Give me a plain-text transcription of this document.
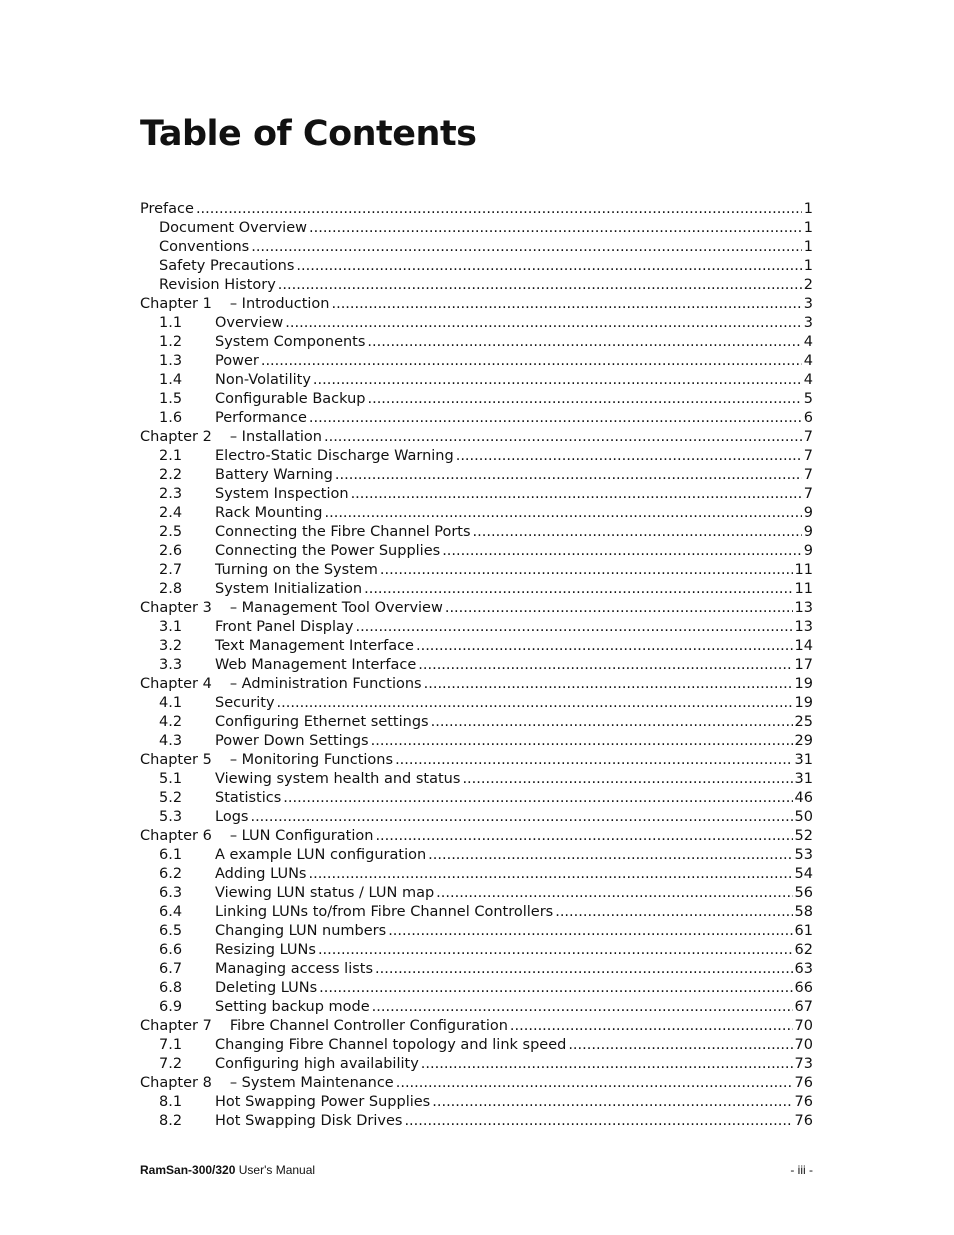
Table of Contents
Preface .....	1
Document Overview .....	1
Conventions .....	1
Safety Precautions .....	1
Revision History .....	2
Chapter 1 – Introduction .....	3
1.1	Overview .....	3
1.2	System Components .....	4
1.3	Power .....	4
1.4	Non-Volatility .....	4
1.5	Configurable Backup .....	5
1.6	Performance .....	6
Chapter 2 – Installation .....	7
2.1	Electro-Static Discharge Warning .....	7
2.2	Battery Warning .....	7
2.3	System Inspection .....	7
2.4	Rack Mounting .....	9
2.5	Connecting the Fibre Channel Ports .....	9
2.6	Connecting the Power Supplies .....	9
2.7	Turning on the System .....	11
2.8	System Initialization .....	11
Chapter 3 – Management Tool Overview .....	13
3.1	Front Panel Display .....	13
3.2	Text Management Interface .....	14
3.3	Web Management Interface .....	17
Chapter 4 – Administration Functions .....	19
4.1	Security .....	19
4.2	Configuring Ethernet settings .....	25
4.3	Power Down Settings .....	29
Chapter 5 – Monitoring Functions .....	31
5.1	Viewing system health and status .....	31
5.2	Statistics .....	46
5.3	Logs .....	50
Chapter 6 – LUN Configuration .....	52
6.1	A example LUN configuration .....	53
6.2	Adding LUNs .....	54
6.3	Viewing LUN status / LUN map .....	56
6.4	Linking LUNs to/from Fibre Channel Controllers .....	58
6.5	Changing LUN numbers .....	61
6.6	Resizing LUNs .....	62
6.7	Managing access lists .....	63
6.8	Deleting LUNs .....	66
6.9	Setting backup mode .....	67
Chapter 7 Fibre Channel Controller Configuration .....	70
7.1	Changing Fibre Channel topology and link speed .....	70
7.2	Configuring high availability .....	73
Chapter 8 – System Maintenance .....	76
8.1	Hot Swapping Power Supplies .....	76
8.2	Hot Swapping Disk Drives .....	76
RamSan-300/320 User's Manual	- iii -
